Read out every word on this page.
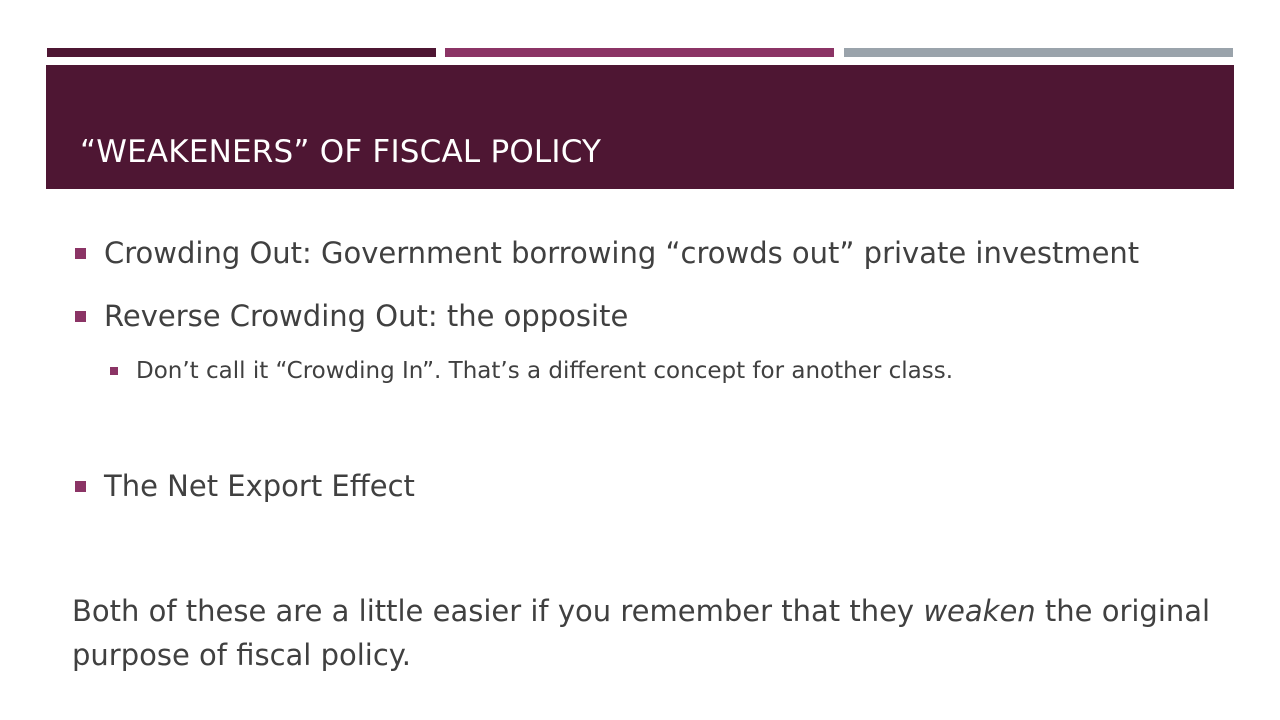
“WEAKENERS” OF FISCAL POLICY
Crowding Out: Government borrowing “crowds out” private investment
Reverse Crowding Out: the opposite
Don’t call it “Crowding In”. That’s a different concept for another class.
The Net Export Effect
Both of these are a little easier if you remember that they weaken the original purpose of fiscal policy.
